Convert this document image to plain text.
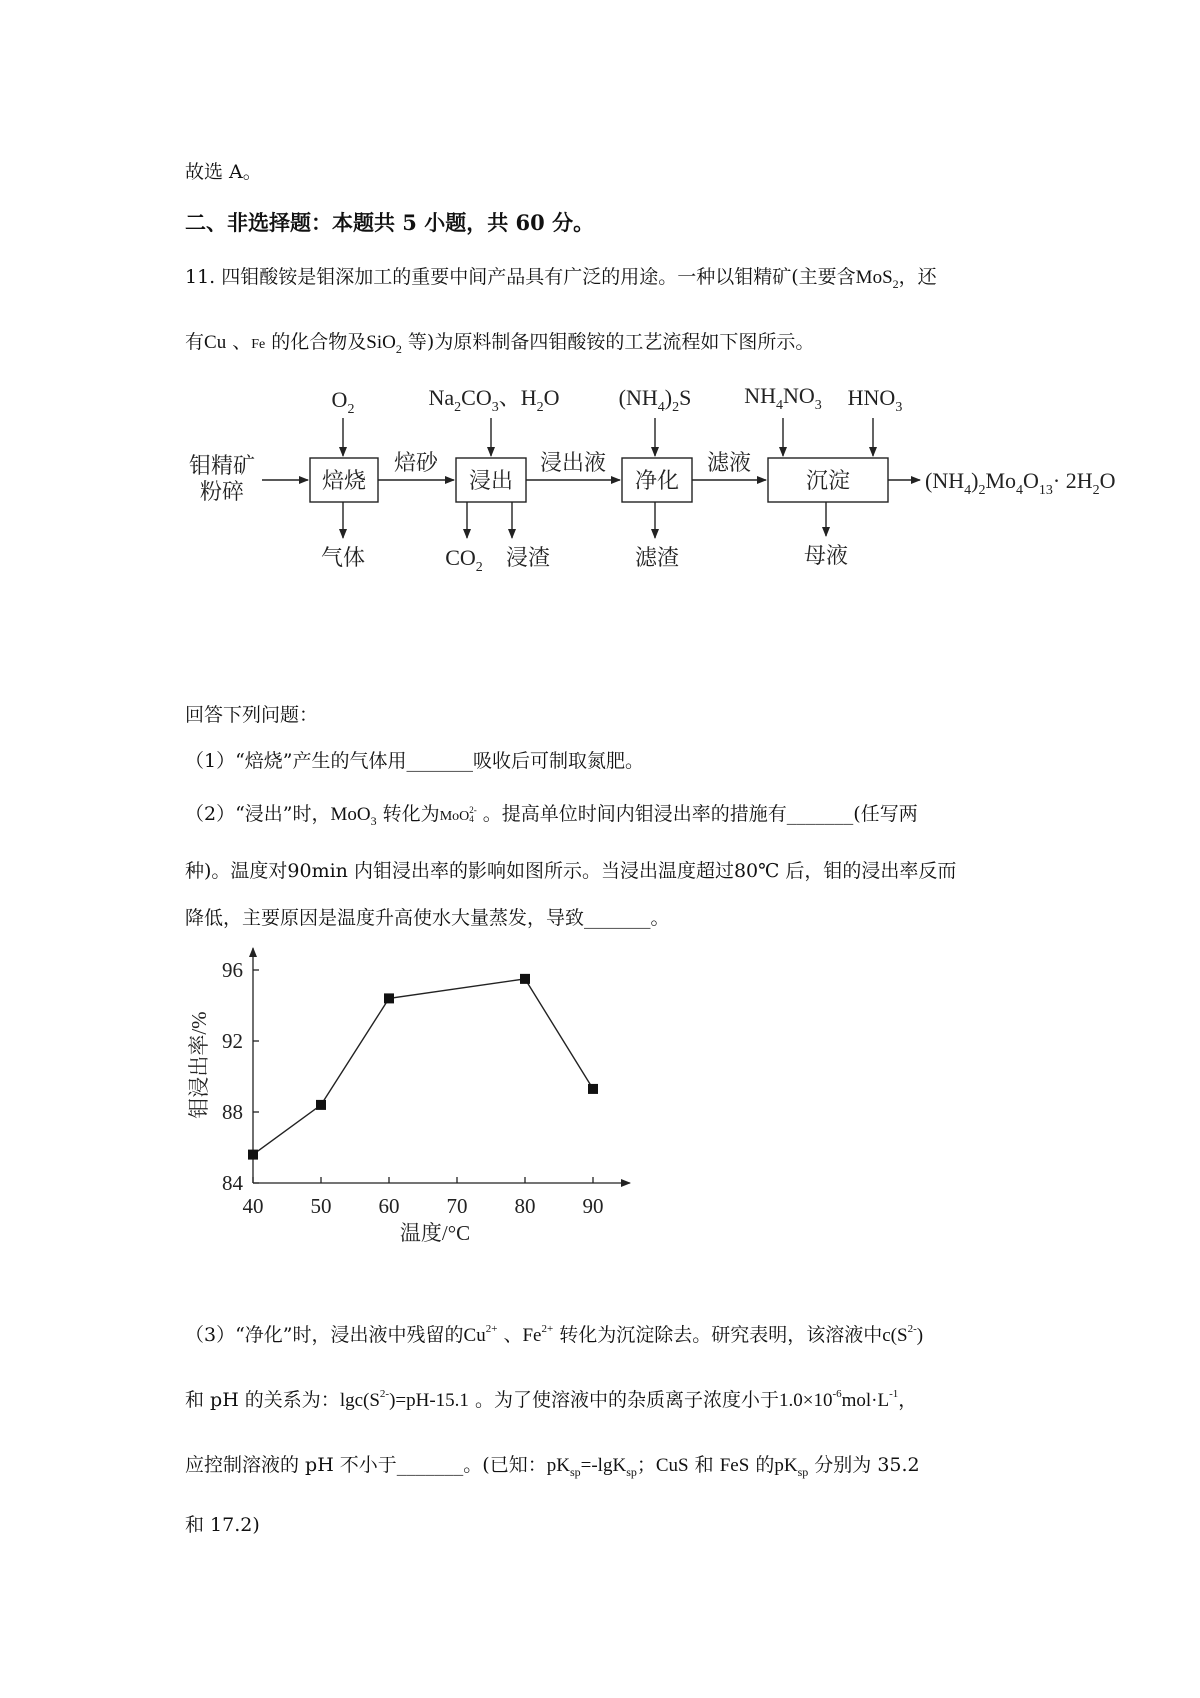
故选 A。
二、非选择题：本题共 5 小题，共 60 分。
11. 四钼酸铵是钼深加工的重要中间产品具有广泛的用途。一种以钼精矿(主要含MoS$_2$，还
有Cu 、Fe 的化合物及SiO$_2$ 等)为原料制备四钼酸铵的工艺流程如下图所示。
钼精矿
粉碎	焙烧	浸出	净化	沉淀
焙砂	浸出液	滤液
气体	浸渣	滤渣	母液
$O_2$	$Na_2CO_3$、$H_2O$	$(NH_4)_2S$ $NH_4NO_3$ $HNO_3$
$CO_2$
$(NH_4)_2Mo_4O_{13}\cdot 2H_2O$
回答下列问题：
（1）“焙烧”产生的气体用_______吸收后可制取氮肥。
（2）“浸出”时，MoO$_3$ 转化为MoO 2-
4 。提高单位时间内钼浸出率的措施有_______(任写两
种)。温度对90min 内钼浸出率的影响如图所示。当浸出温度超过80℃ 后，钼的浸出率反而
降低，主要原因是温度升高使水大量蒸发，导致_______。
40 50 60 70 80 90
84
88
92
96
温度/°C
钼浸出率/%
（3）“净化”时，浸出液中残留的$Cu^{2+}$ 、$Fe^{2+}$ 转化为沉淀除去。研究表明，该溶液中$c(S^{2-})$
和 pH 的关系为：$\lg c(S^{2-})=pH-15.1$ 。为了使溶液中的杂质离子浓度小于$1.0\times 10^{-6}mol\cdot L^{-1}$，
应控制溶液的 pH 不小于_______。(已知：$pK_{sp}=-\lg K_{sp}$；CuS 和 FeS 的$pK_{sp}$ 分别为 35.2
和 17.2)
